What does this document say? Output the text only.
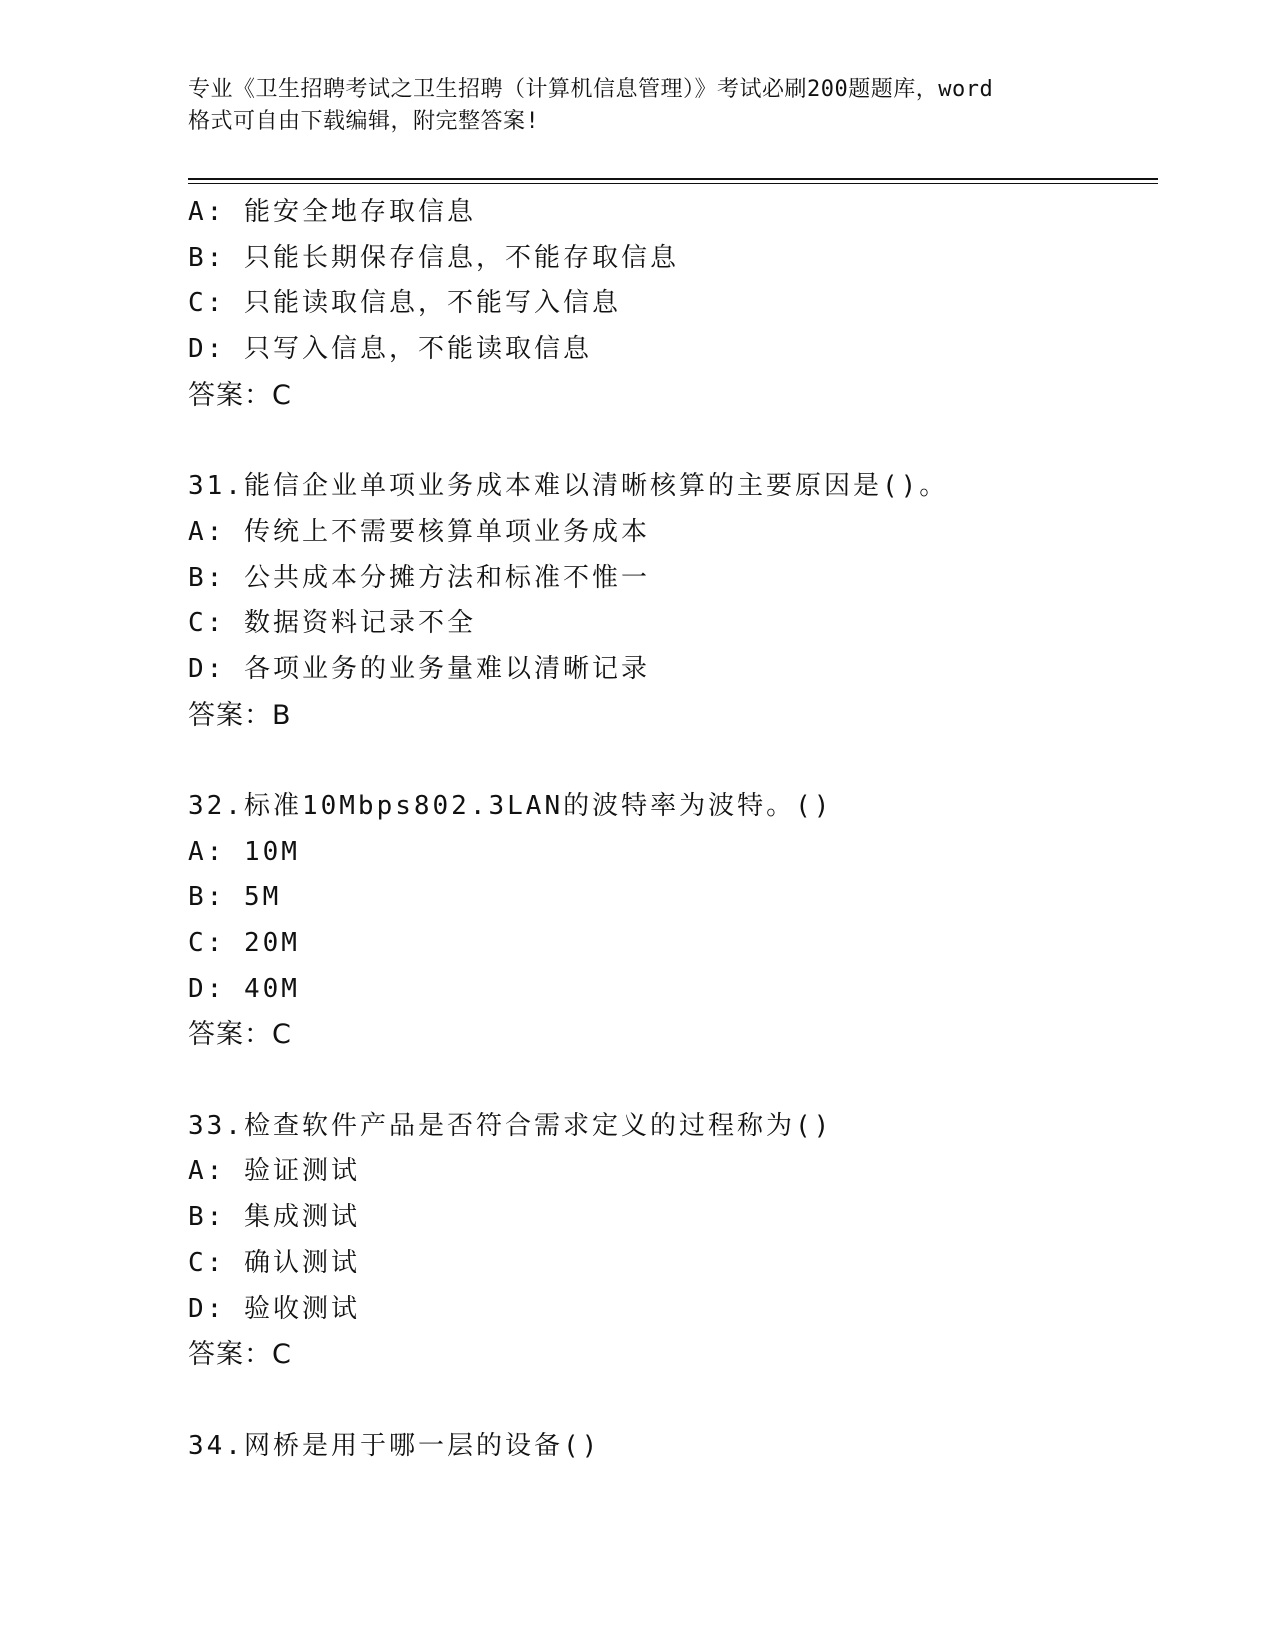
专业《卫生招聘考试之卫生招聘（计算机信息管理）》考试必刷200题题库，word
格式可自由下载编辑，附完整答案!
A: 能安全地存取信息
B: 只能长期保存信息，不能存取信息
C: 只能读取信息，不能写入信息
D: 只写入信息，不能读取信息
答案：C
31.能信企业单项业务成本难以清晰核算的主要原因是()。
A: 传统上不需要核算单项业务成本
B: 公共成本分摊方法和标准不惟一
C: 数据资料记录不全
D: 各项业务的业务量难以清晰记录
答案：B
32.标准10Mbps802.3LAN的波特率为波特。()
A: 10M
B: 5M
C: 20M
D: 40M
答案：C
33.检查软件产品是否符合需求定义的过程称为()
A: 验证测试
B: 集成测试
C: 确认测试
D: 验收测试
答案：C
34.网桥是用于哪一层的设备()
